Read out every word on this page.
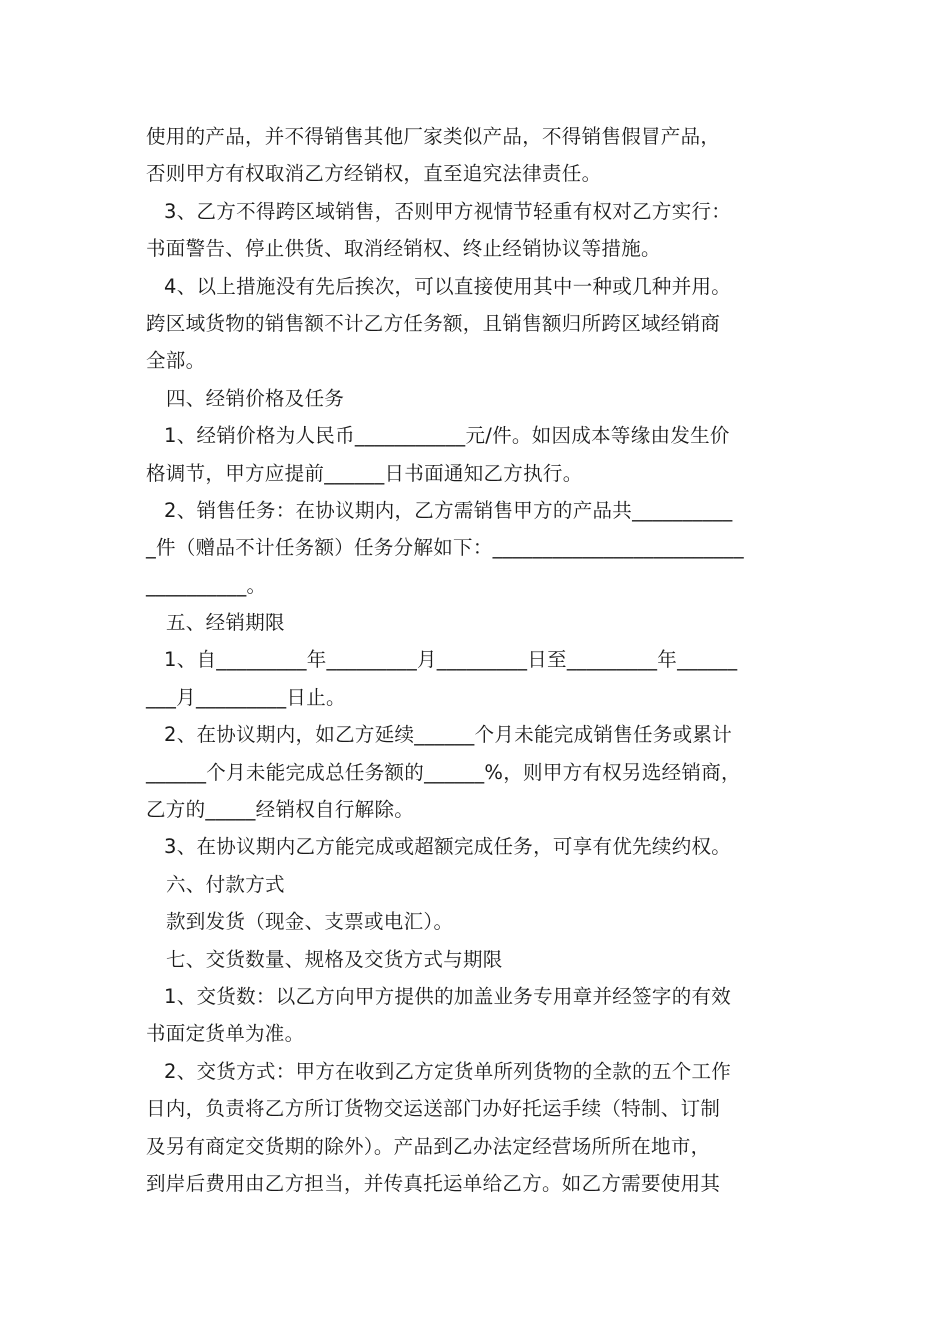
使用的产品，并不得销售其他厂家类似产品，不得销售假冒产品，
否则甲方有权取消乙方经销权，直至追究法律责任。
3、乙方不得跨区域销售，否则甲方视情节轻重有权对乙方实行：
书面警告、停止供货、取消经销权、终止经销协议等措施。
4、以上措施没有先后挨次，可以直接使用其中一种或几种并用。
跨区域货物的销售额不计乙方任务额，且销售额归所跨区域经销商
全部。
四、经销价格及任务
1、经销价格为人民币___________元/件。如因成本等缘由发生价
格调节，甲方应提前______日书面通知乙方执行。
2、销售任务：在协议期内，乙方需销售甲方的产品共__________
_件（赠品不计任务额）任务分解如下：_________________________
__________。
五、经销期限
1、自_________年_________月_________日至_________年______
___月_________日止。
2、在协议期内，如乙方延续______个月未能完成销售任务或累计
______个月未能完成总任务额的______%，则甲方有权另选经销商，
乙方的_____经销权自行解除。
3、在协议期内乙方能完成或超额完成任务，可享有优先续约权。
六、付款方式
款到发货（现金、支票或电汇）。
七、交货数量、规格及交货方式与期限
1、交货数：以乙方向甲方提供的加盖业务专用章并经签字的有效
书面定货单为准。
2、交货方式：甲方在收到乙方定货单所列货物的全款的五个工作
日内，负责将乙方所订货物交运送部门办好托运手续（特制、订制
及另有商定交货期的除外）。产品到乙办法定经营场所所在地市，
到岸后费用由乙方担当，并传真托运单给乙方。如乙方需要使用其
